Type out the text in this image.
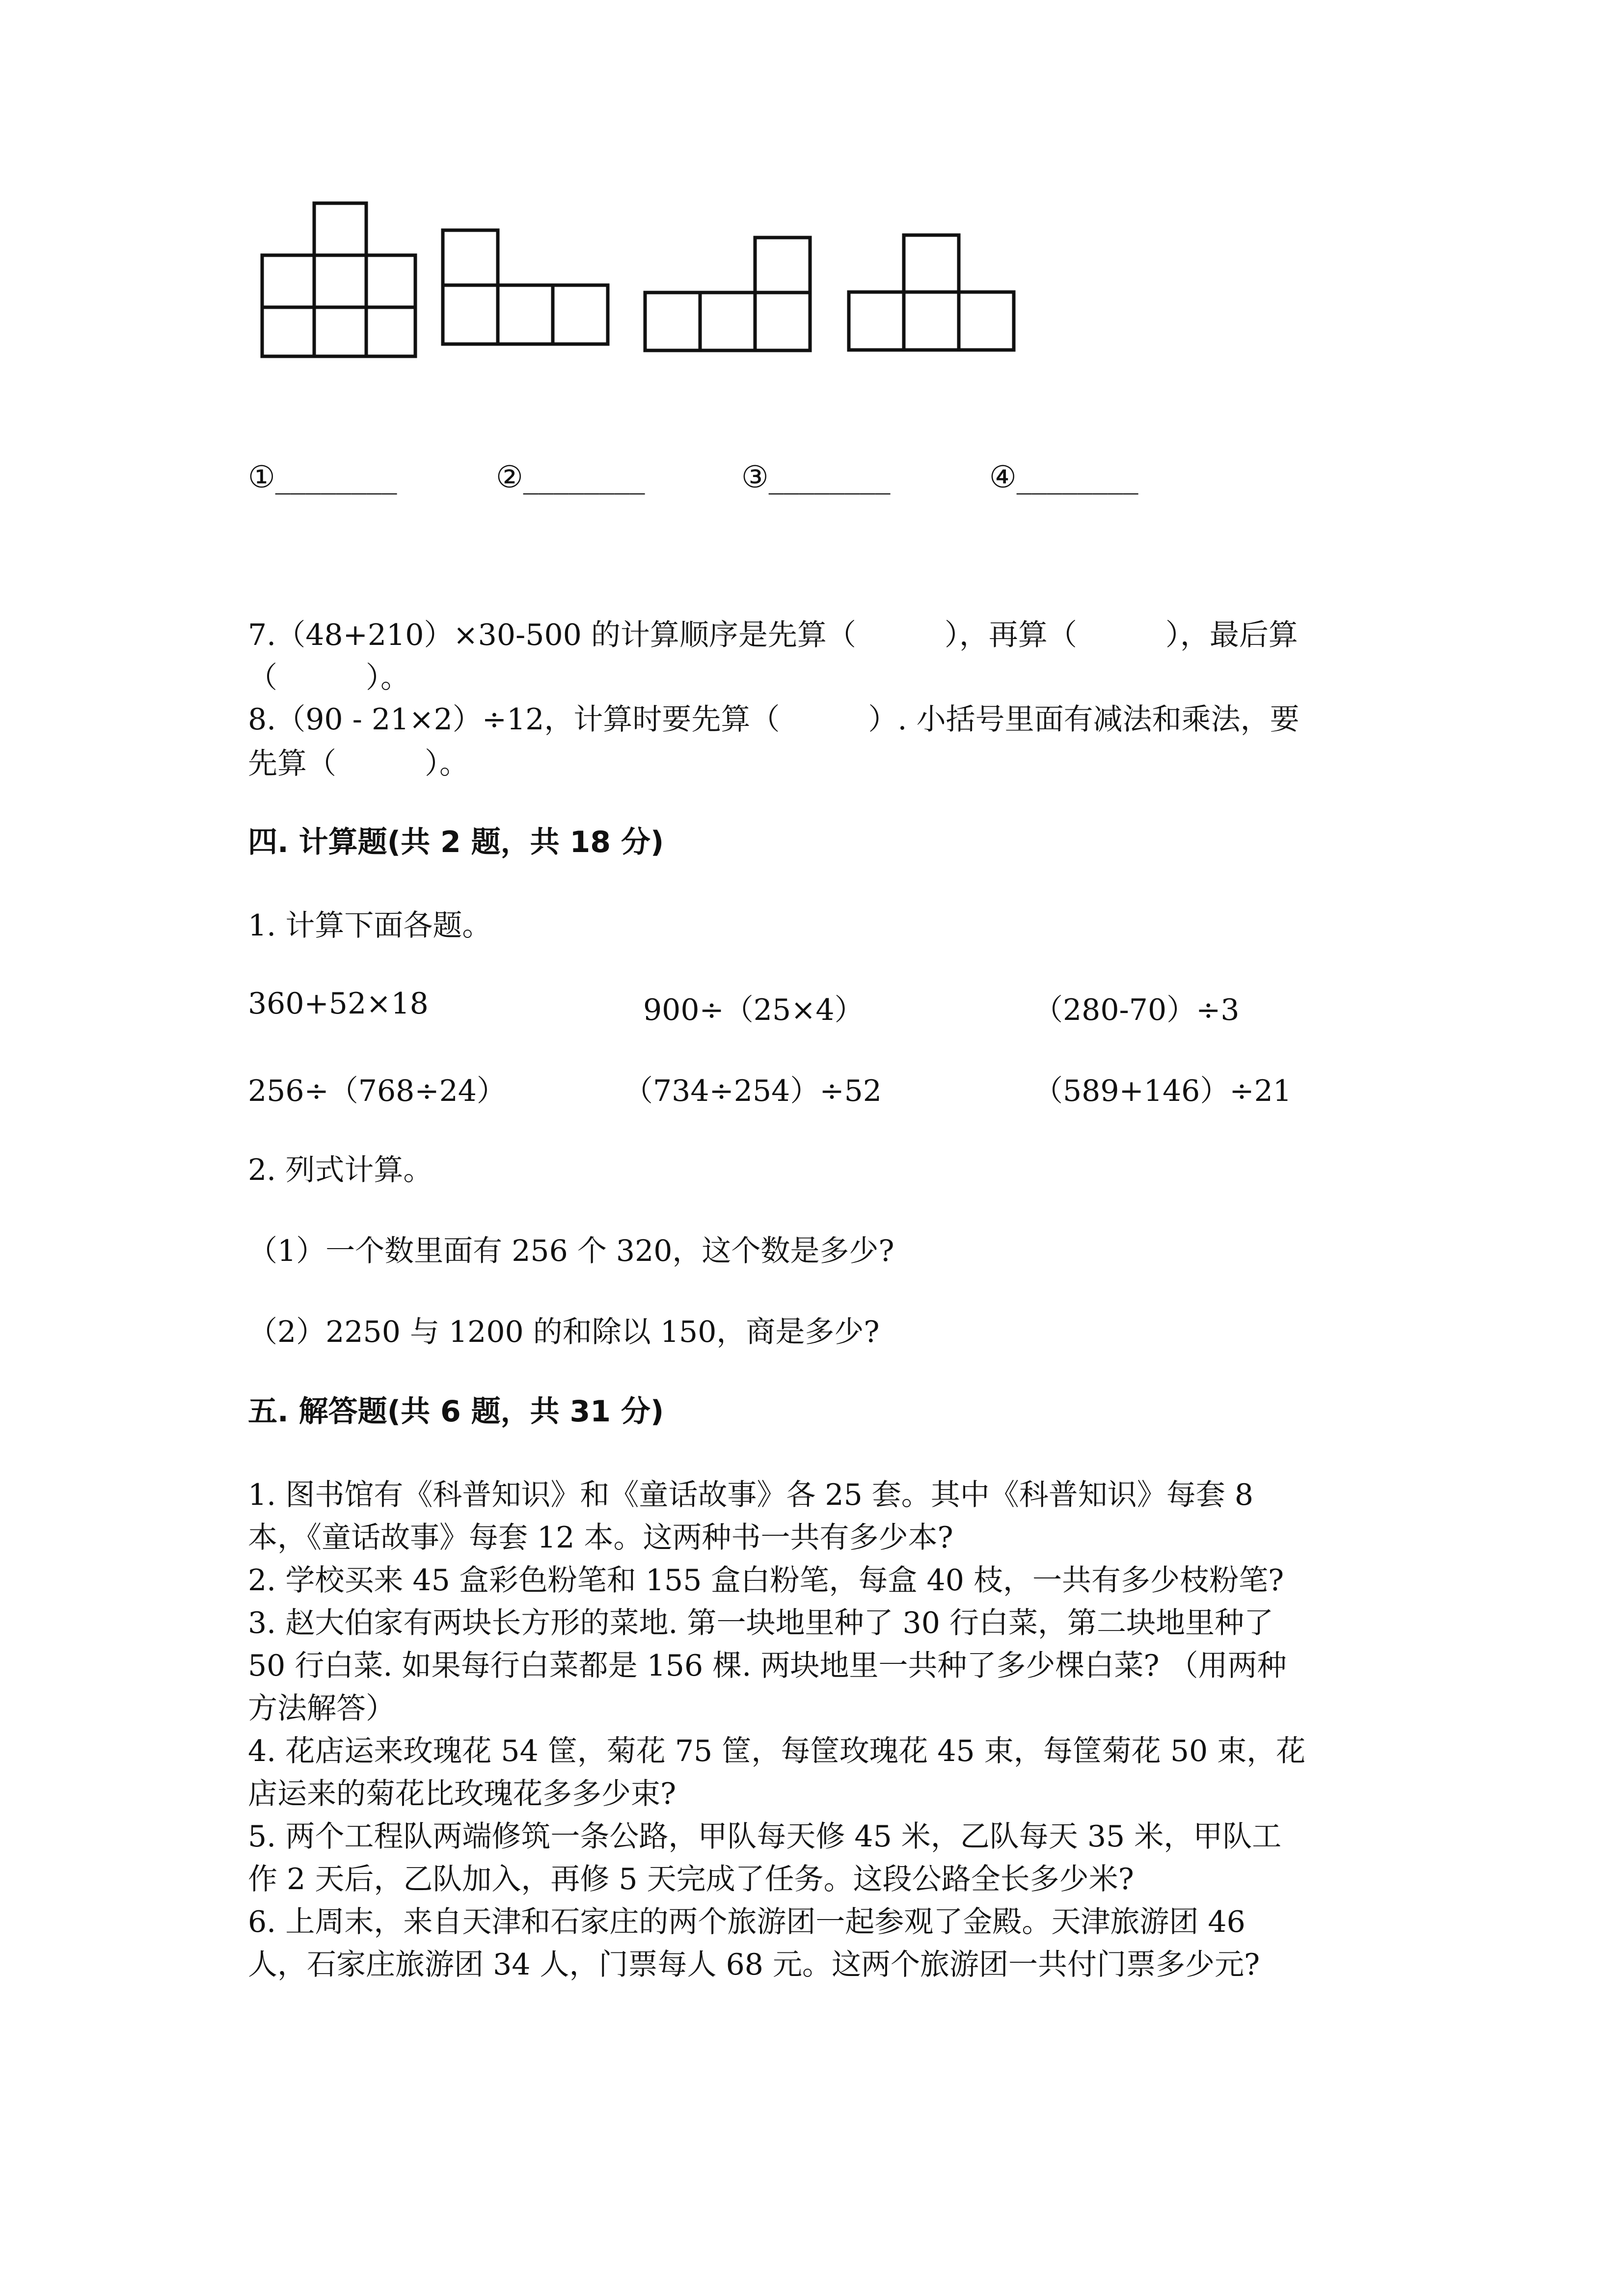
①________	②________	③________	④________
7.（48+210）×30-500 的计算顺序是先算（　　　），再算（　　　），最后算
（　　　）。
8.（90 - 21×2）÷12，计算时要先算（　　　）. 小括号里面有减法和乘法，要
先算（　　　）。
四. 计算题(共 2 题，共 18 分)
1. 计算下面各题。
360+52×18	900÷（25×4）	（280-70）÷3
256÷（768÷24）	（734÷254）÷52	（589+146）÷21
2. 列式计算。
（1）一个数里面有 256 个 320，这个数是多少?
（2）2250 与 1200 的和除以 150，商是多少?
五. 解答题(共 6 题，共 31 分)
1. 图书馆有《科普知识》和《童话故事》各 25 套。其中《科普知识》每套 8
本，《童话故事》每套 12 本。这两种书一共有多少本?
2. 学校买来 45 盒彩色粉笔和 155 盒白粉笔，每盒 40 枝，一共有多少枝粉笔?
3. 赵大伯家有两块长方形的菜地. 第一块地里种了 30 行白菜，第二块地里种了
50 行白菜. 如果每行白菜都是 156 棵. 两块地里一共种了多少棵白菜? （用两种
方法解答）
4. 花店运来玫瑰花 54 筐，菊花 75 筐，每筐玫瑰花 45 束，每筐菊花 50 束，花
店运来的菊花比玫瑰花多多少束?
5. 两个工程队两端修筑一条公路，甲队每天修 45 米，乙队每天 35 米，甲队工
作 2 天后，乙队加入，再修 5 天完成了任务。这段公路全长多少米?
6. 上周末，来自天津和石家庄的两个旅游团一起参观了金殿。天津旅游团 46
人，石家庄旅游团 34 人，门票每人 68 元。这两个旅游团一共付门票多少元?
